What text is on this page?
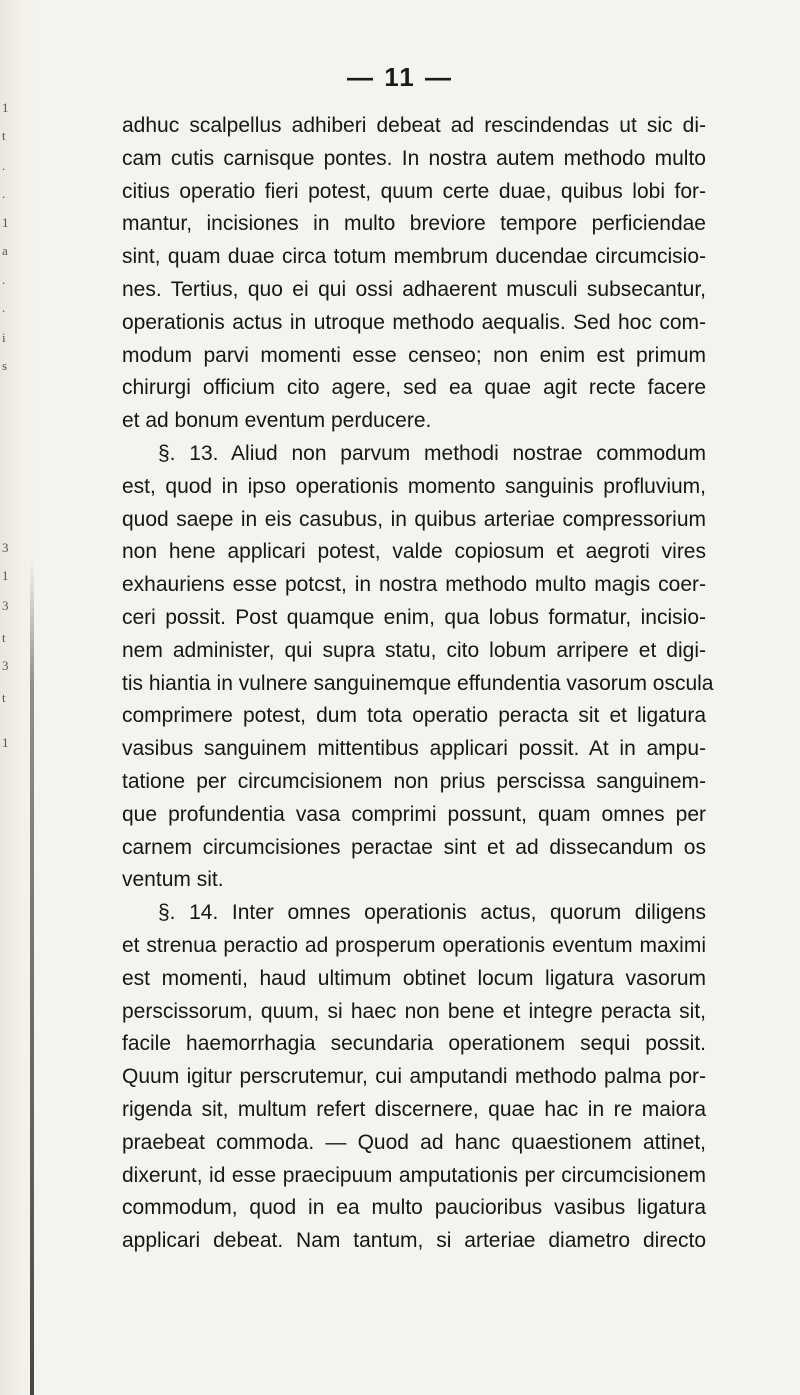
1
t
.
.
1
a
.
.
i
s
3
1
3
t
3
t
1
— 11 —
adhuc scalpellus adhiberi debeat ad rescindendas ut sic di-
cam cutis carnisque pontes. In nostra autem methodo multo
citius operatio fieri potest, quum certe duae, quibus lobi for-
mantur, incisiones in multo breviore tempore perficiendae
sint, quam duae circa totum membrum ducendae circumcisio-
nes. Tertius, quo ei qui ossi adhaerent musculi subsecantur,
operationis actus in utroque methodo aequalis. Sed hoc com-
modum parvi momenti esse censeo; non enim est primum
chirurgi officium cito agere, sed ea quae agit recte facere
et ad bonum eventum perducere.
§. 13. Aliud non parvum methodi nostrae commodum
est, quod in ipso operationis momento sanguinis profluvium,
quod saepe in eis casubus, in quibus arteriae compressorium
non hene applicari potest, valde copiosum et aegroti vires
exhauriens esse potcst, in nostra methodo multo magis coer-
ceri possit. Post quamque enim, qua lobus formatur, incisio-
nem administer, qui supra statu, cito lobum arripere et digi-
tis hiantia in vulnere sanguinemque effundentia vasorum oscula
comprimere potest, dum tota operatio peracta sit et ligatura
vasibus sanguinem mittentibus applicari possit. At in ampu-
tatione per circumcisionem non prius perscissa sanguinem-
que profundentia vasa comprimi possunt, quam omnes per
carnem circumcisiones peractae sint et ad dissecandum os
ventum sit.
§. 14. Inter omnes operationis actus, quorum diligens
et strenua peractio ad prosperum operationis eventum maximi
est momenti, haud ultimum obtinet locum ligatura vasorum
perscissorum, quum, si haec non bene et integre peracta sit,
facile haemorrhagia secundaria operationem sequi possit.
Quum igitur perscrutemur, cui amputandi methodo palma por-
rigenda sit, multum refert discernere, quae hac in re maiora
praebeat commoda. — Quod ad hanc quaestionem attinet,
dixerunt, id esse praecipuum amputationis per circumcisionem
commodum, quod in ea multo paucioribus vasibus ligatura
applicari debeat. Nam tantum, si arteriae diametro directo
